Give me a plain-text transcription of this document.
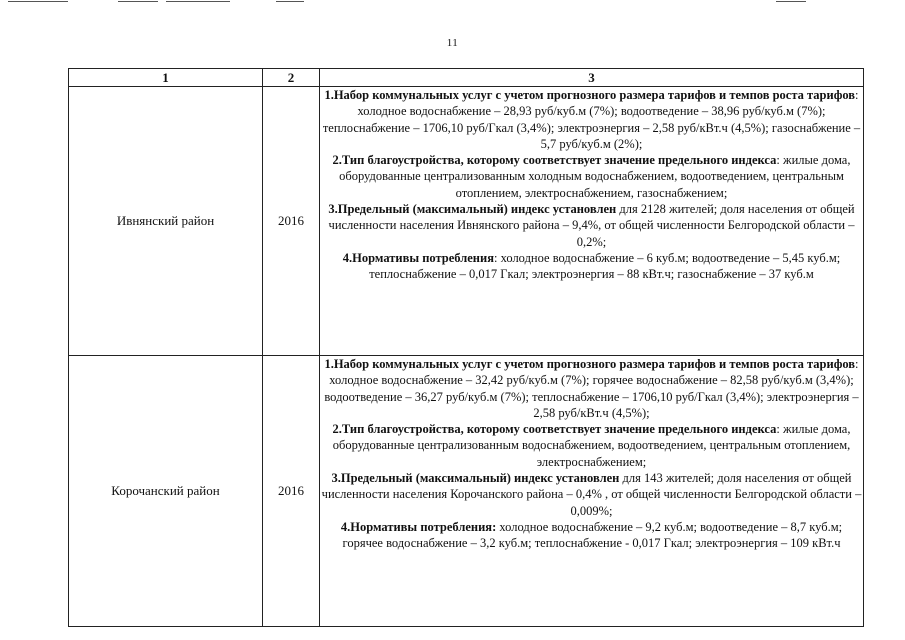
11
1	2	3
Ивнянский район	2016	1.Набор коммунальных услуг с учетом прогнозного размера тарифов и темпов роста тарифов: холодное водоснабжение – 28,93 руб/куб.м (7%); водоотведение – 38,96 руб/куб.м (7%); теплоснабжение – 1706,10 руб/Гкал (3,4%); электроэнергия – 2,58 руб/кВт.ч (4,5%); газоснабжение – 5,7 руб/куб.м (2%);

2.Тип благоустройства, которому соответствует значение предельного индекса: жилые дома, оборудованные централизованным холодным водоснабжением, водоотведением, центральным отоплением, электроснабжением, газоснабжением;

3.Предельный (максимальный) индекс установлен для 2128 жителей; доля населения от общей численности населения Ивнянского района – 9,4%, от общей численности Белгородской области – 0,2%;

4.Нормативы потребления: холодное водоснабжение – 6 куб.м; водоотведение – 5,45 куб.м; теплоснабжение – 0,017 Гкал; электроэнергия – 88 кВт.ч; газоснабжение – 37 куб.м

Корочанский район	2016	1.Набор коммунальных услуг с учетом прогнозного размера тарифов и темпов роста тарифов: холодное водоснабжение – 32,42 руб/куб.м (7%); горячее водоснабжение – 82,58 руб/куб.м (3,4%); водоотведение – 36,27 руб/куб.м (7%); теплоснабжение – 1706,10 руб/Гкал (3,4%); электроэнергия – 2,58 руб/кВт.ч (4,5%);

2.Тип благоустройства, которому соответствует значение предельного индекса: жилые дома, оборудованные централизованным водоснабжением, водоотведением, центральным отоплением, электроснабжением;

3.Предельный (максимальный) индекс установлен для 143 жителей; доля населения от общей численности населения Корочанского района – 0,4% , от общей численности Белгородской области – 0,009%;

4.Нормативы потребления: холодное водоснабжение – 9,2 куб.м; водоотведение – 8,7 куб.м; горячее водоснабжение – 3,2 куб.м; теплоснабжение - 0,017 Гкал; электроэнергия – 109 кВт.ч
